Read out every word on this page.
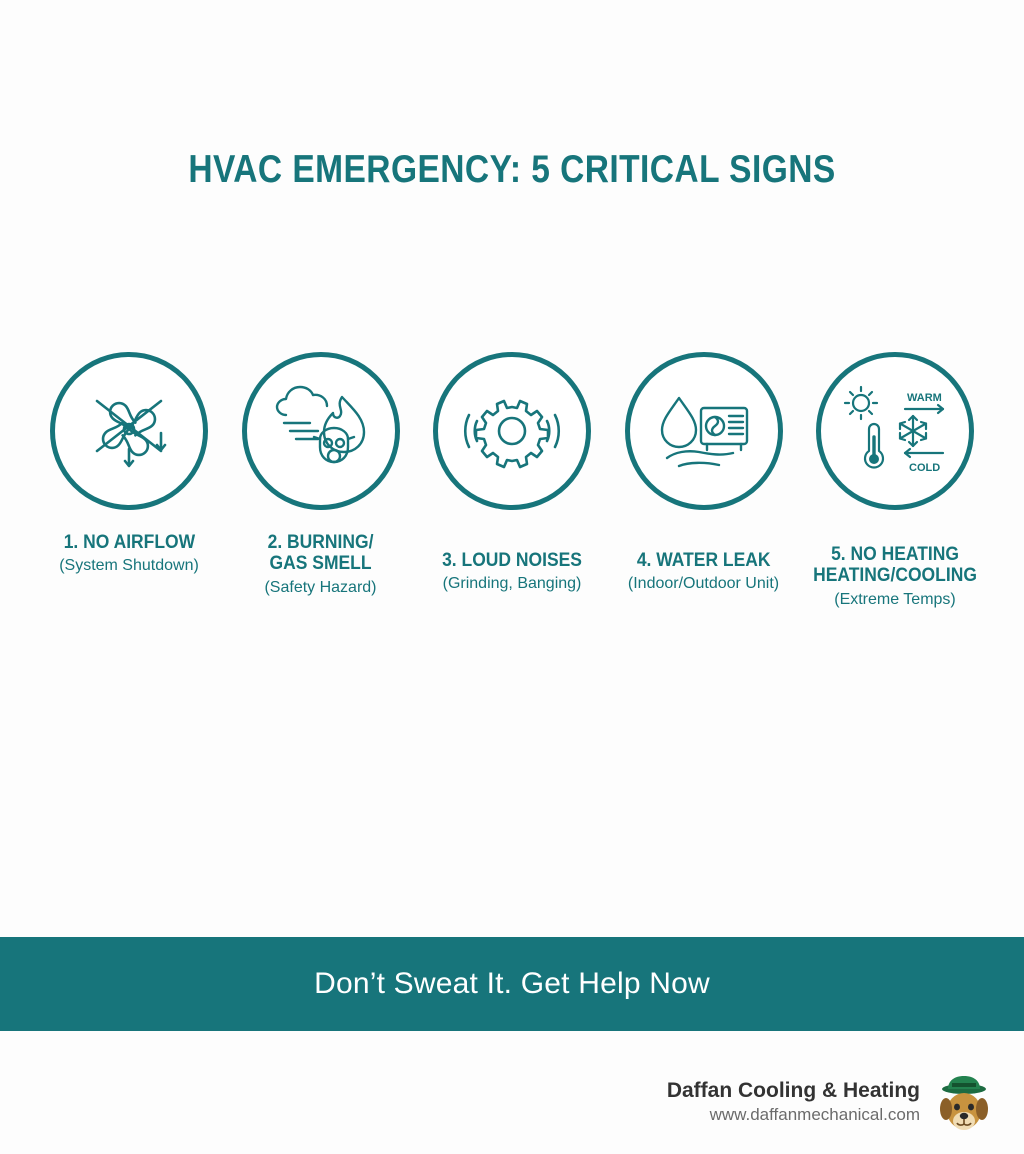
HVAC EMERGENCY: 5 CRITICAL SIGNS
1. NO AIRFLOW
(System Shutdown)
2. BURNING/
GAS SMELL
(Safety Hazard)
3. LOUD NOISES
(Grinding, Banging)
4. WATER LEAK
(Indoor/Outdoor Unit)
WARM
COLD
5. NO HEATING
HEATING/COOLING
(Extreme Temps)
Don’t Sweat It. Get Help Now
Daffan Cooling & Heating
www.daffanmechanical.com
